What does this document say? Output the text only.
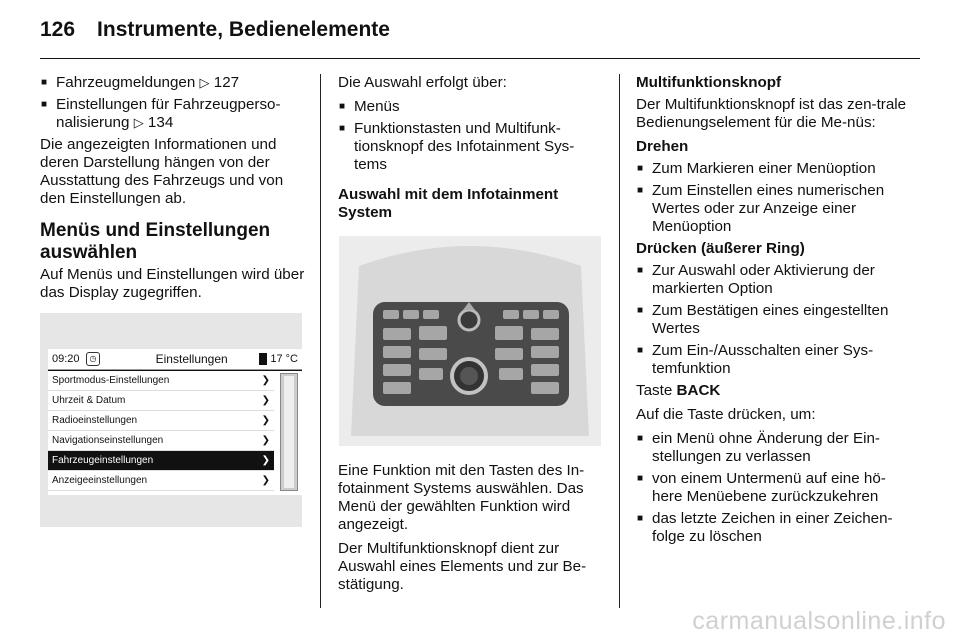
126 Instrumente, Bedienelemente
■ Fahrzeugmeldungen ▷ 127
■ Einstellungen für Fahrzeugperso-nalisierung ▷ 134

Die angezeigten Informationen und deren Darstellung hängen von der Ausstattung des Fahrzeugs und von den Einstellungen ab.

Menüs und Einstellungen auswählen

Auf Menüs und Einstellungen wird über das Display zugegriffen.

09:20	◷	Einstellungen	17 °C
Sportmodus-Einstellungen	❯
Uhrzeit & Datum	❯
Radioeinstellungen	❯
Navigationseinstellungen	❯
Fahrzeugeinstellungen	❯
Anzeigeeinstellungen	❯

Die Auswahl erfolgt über:

■ Menüs
■ Funktionstasten und Multifunk-tionsknopf des Infotainment Sys-tems
Auswahl mit dem Infotainment System

Eine Funktion mit den Tasten des In-fotainment Systems auswählen. Das Menü der gewählten Funktion wird angezeigt.

Der Multifunktionsknopf dient zur Auswahl eines Elements und zur Be-stätigung.

Multifunktionsknopf

Der Multifunktionsknopf ist das zen-trale Bedienungselement für die Me-nüs:

Drehen
■ Zum Markieren einer Menüoption
■ Zum Einstellen eines numerischen Wertes oder zur Anzeige einer Menüoption
Drücken (äußerer Ring)
■ Zur Auswahl oder Aktivierung der markierten Option
■ Zum Bestätigen eines eingestellten Wertes
■ Zum Ein-/Ausschalten einer Sys-temfunktion

Taste BACK

Auf die Taste drücken, um:

■ ein Menü ohne Änderung der Ein-stellungen zu verlassen
■ von einem Untermenü auf eine hö-here Menüebene zurückzukehren
■ das letzte Zeichen in einer Zeichen-folge zu löschen
carmanualsonline.info
